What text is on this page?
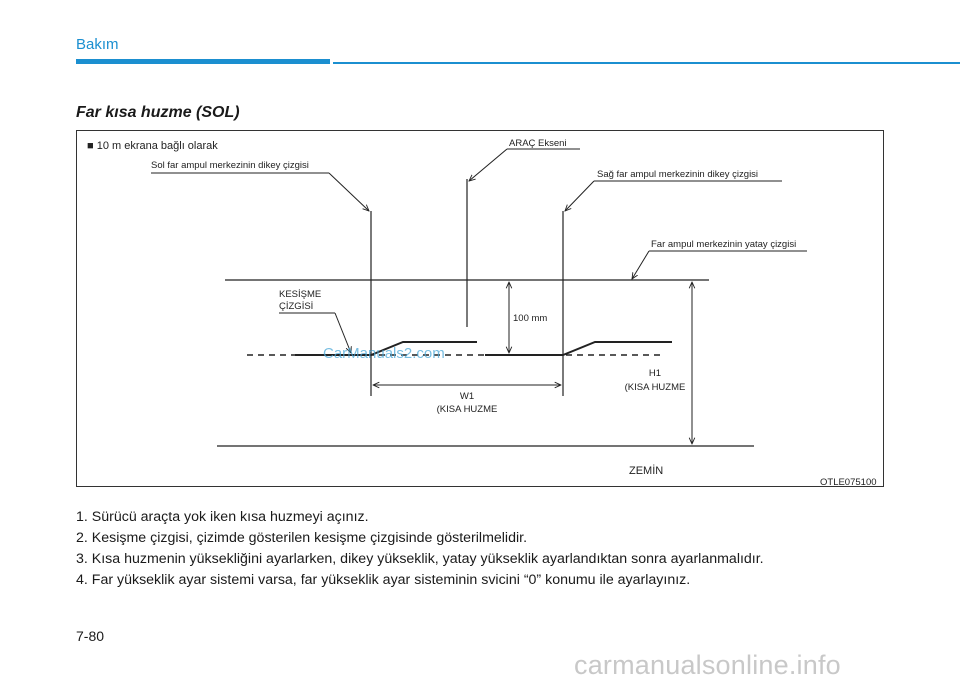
Bakım
Far kısa huzme (SOL)
■ 10 m ekrana bağlı olarak
Sol far ampul merkezinin dikey çizgisi
ARAÇ Ekseni
Sağ far ampul merkezinin dikey çizgisi
Far ampul merkezinin yatay çizgisi
KESİŞME
ÇİZGİSİ
100 mm
W1
(KISA HUZME
H1
(KISA HUZME
ZEMİN
OTLE075100
CarManuals2.com
1. Sürücü araçta yok iken kısa huzmeyi açınız.
2. Kesişme çizgisi, çizimde gösterilen kesişme çizgisinde gösterilmelidir.
3. Kısa huzmenin yüksekliğini ayarlarken, dikey yükseklik, yatay yükseklik ayarlandıktan sonra ayarlanmalıdır.
4. Far yükseklik ayar sistemi varsa, far yükseklik ayar sisteminin svicini “0” konumu ile ayarlayınız.
7-80
carmanualsonline.info
